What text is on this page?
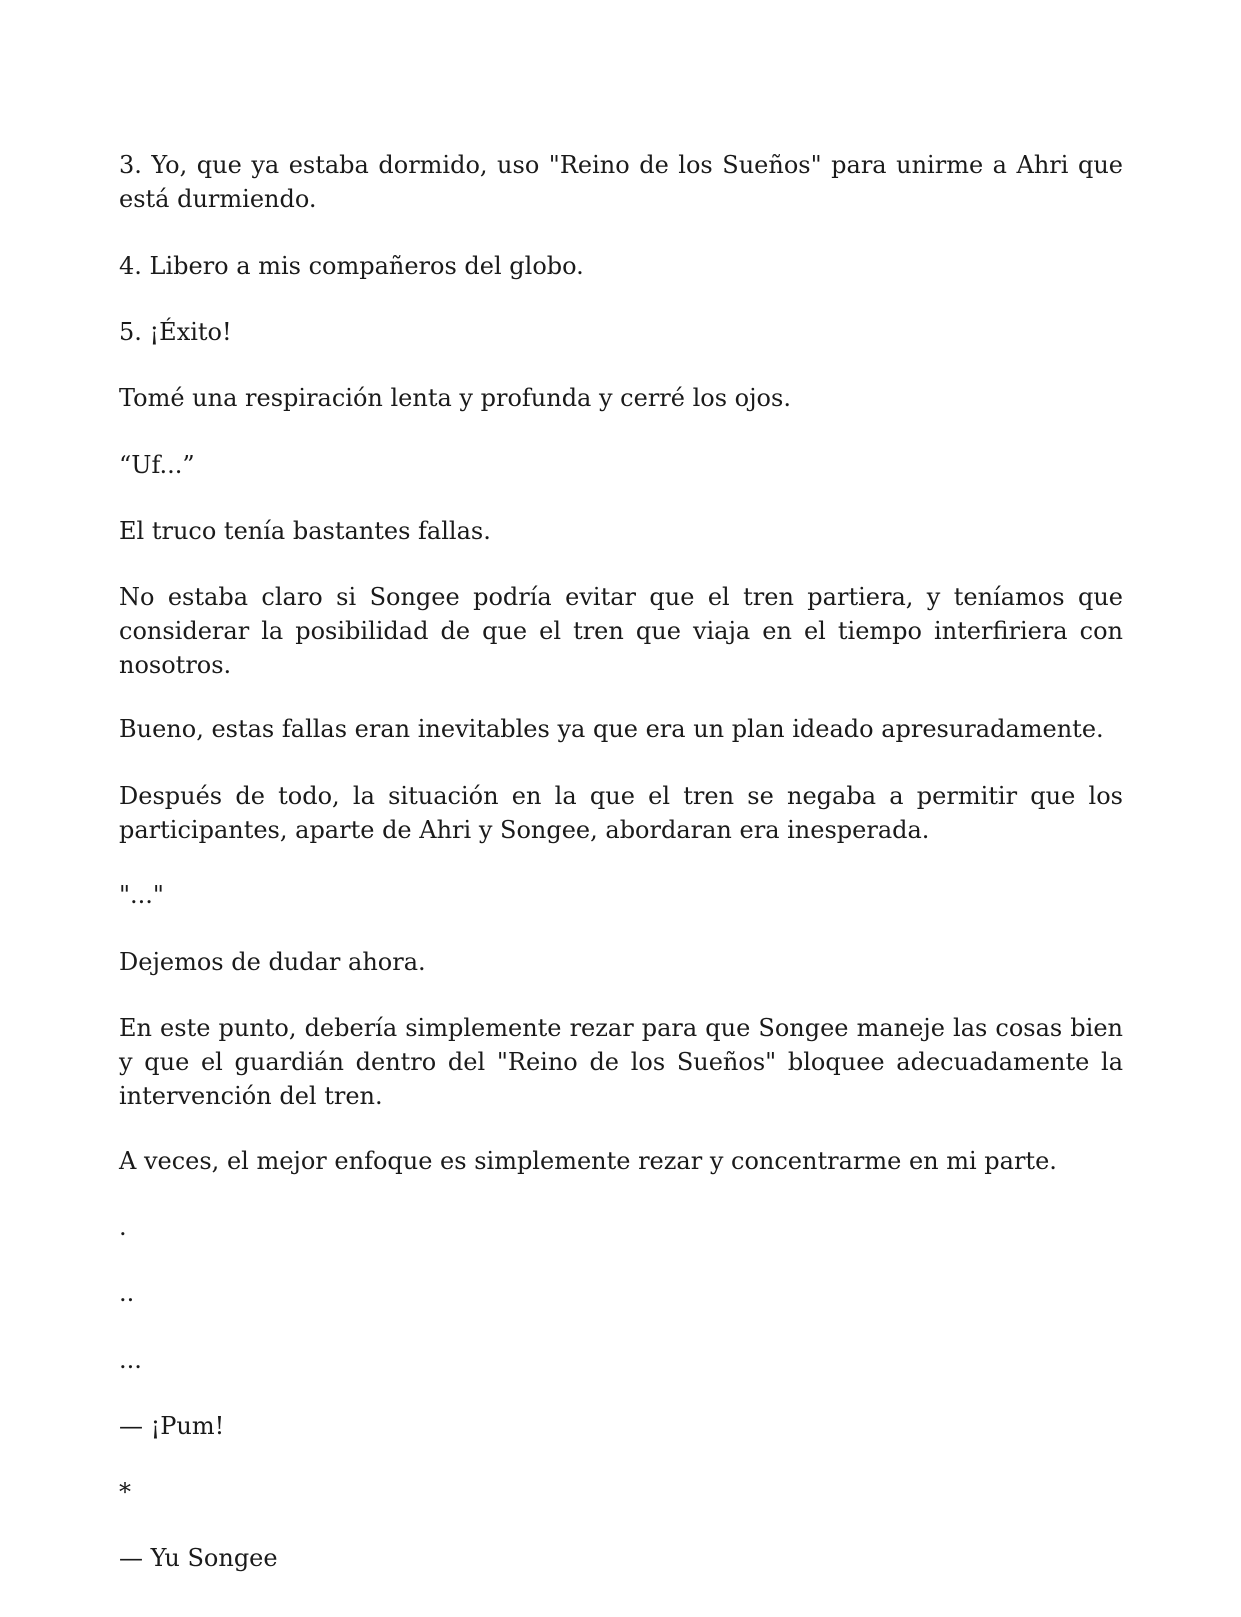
3. Yo, que ya estaba dormido, uso "Reino de los Sueños" para unirme a Ahri que está durmiendo.

4. Libero a mis compañeros del globo.

5. ¡Éxito!

Tomé una respiración lenta y profunda y cerré los ojos.

“Uf...”

El truco tenía bastantes fallas.

No estaba claro si Songee podría evitar que el tren partiera, y teníamos que considerar la posibilidad de que el tren que viaja en el tiempo interfiriera con nosotros.

Bueno, estas fallas eran inevitables ya que era un plan ideado apresuradamente.

Después de todo, la situación en la que el tren se negaba a permitir que los participantes, aparte de Ahri y Songee, abordaran era inesperada.

"..."

Dejemos de dudar ahora.

En este punto, debería simplemente rezar para que Songee maneje las cosas bien y que el guardián dentro del "Reino de los Sueños" bloquee adecuadamente la intervención del tren.

A veces, el mejor enfoque es simplemente rezar y concentrarme en mi parte.

.

..

...

— ¡Pum!

*

— Yu Songee
